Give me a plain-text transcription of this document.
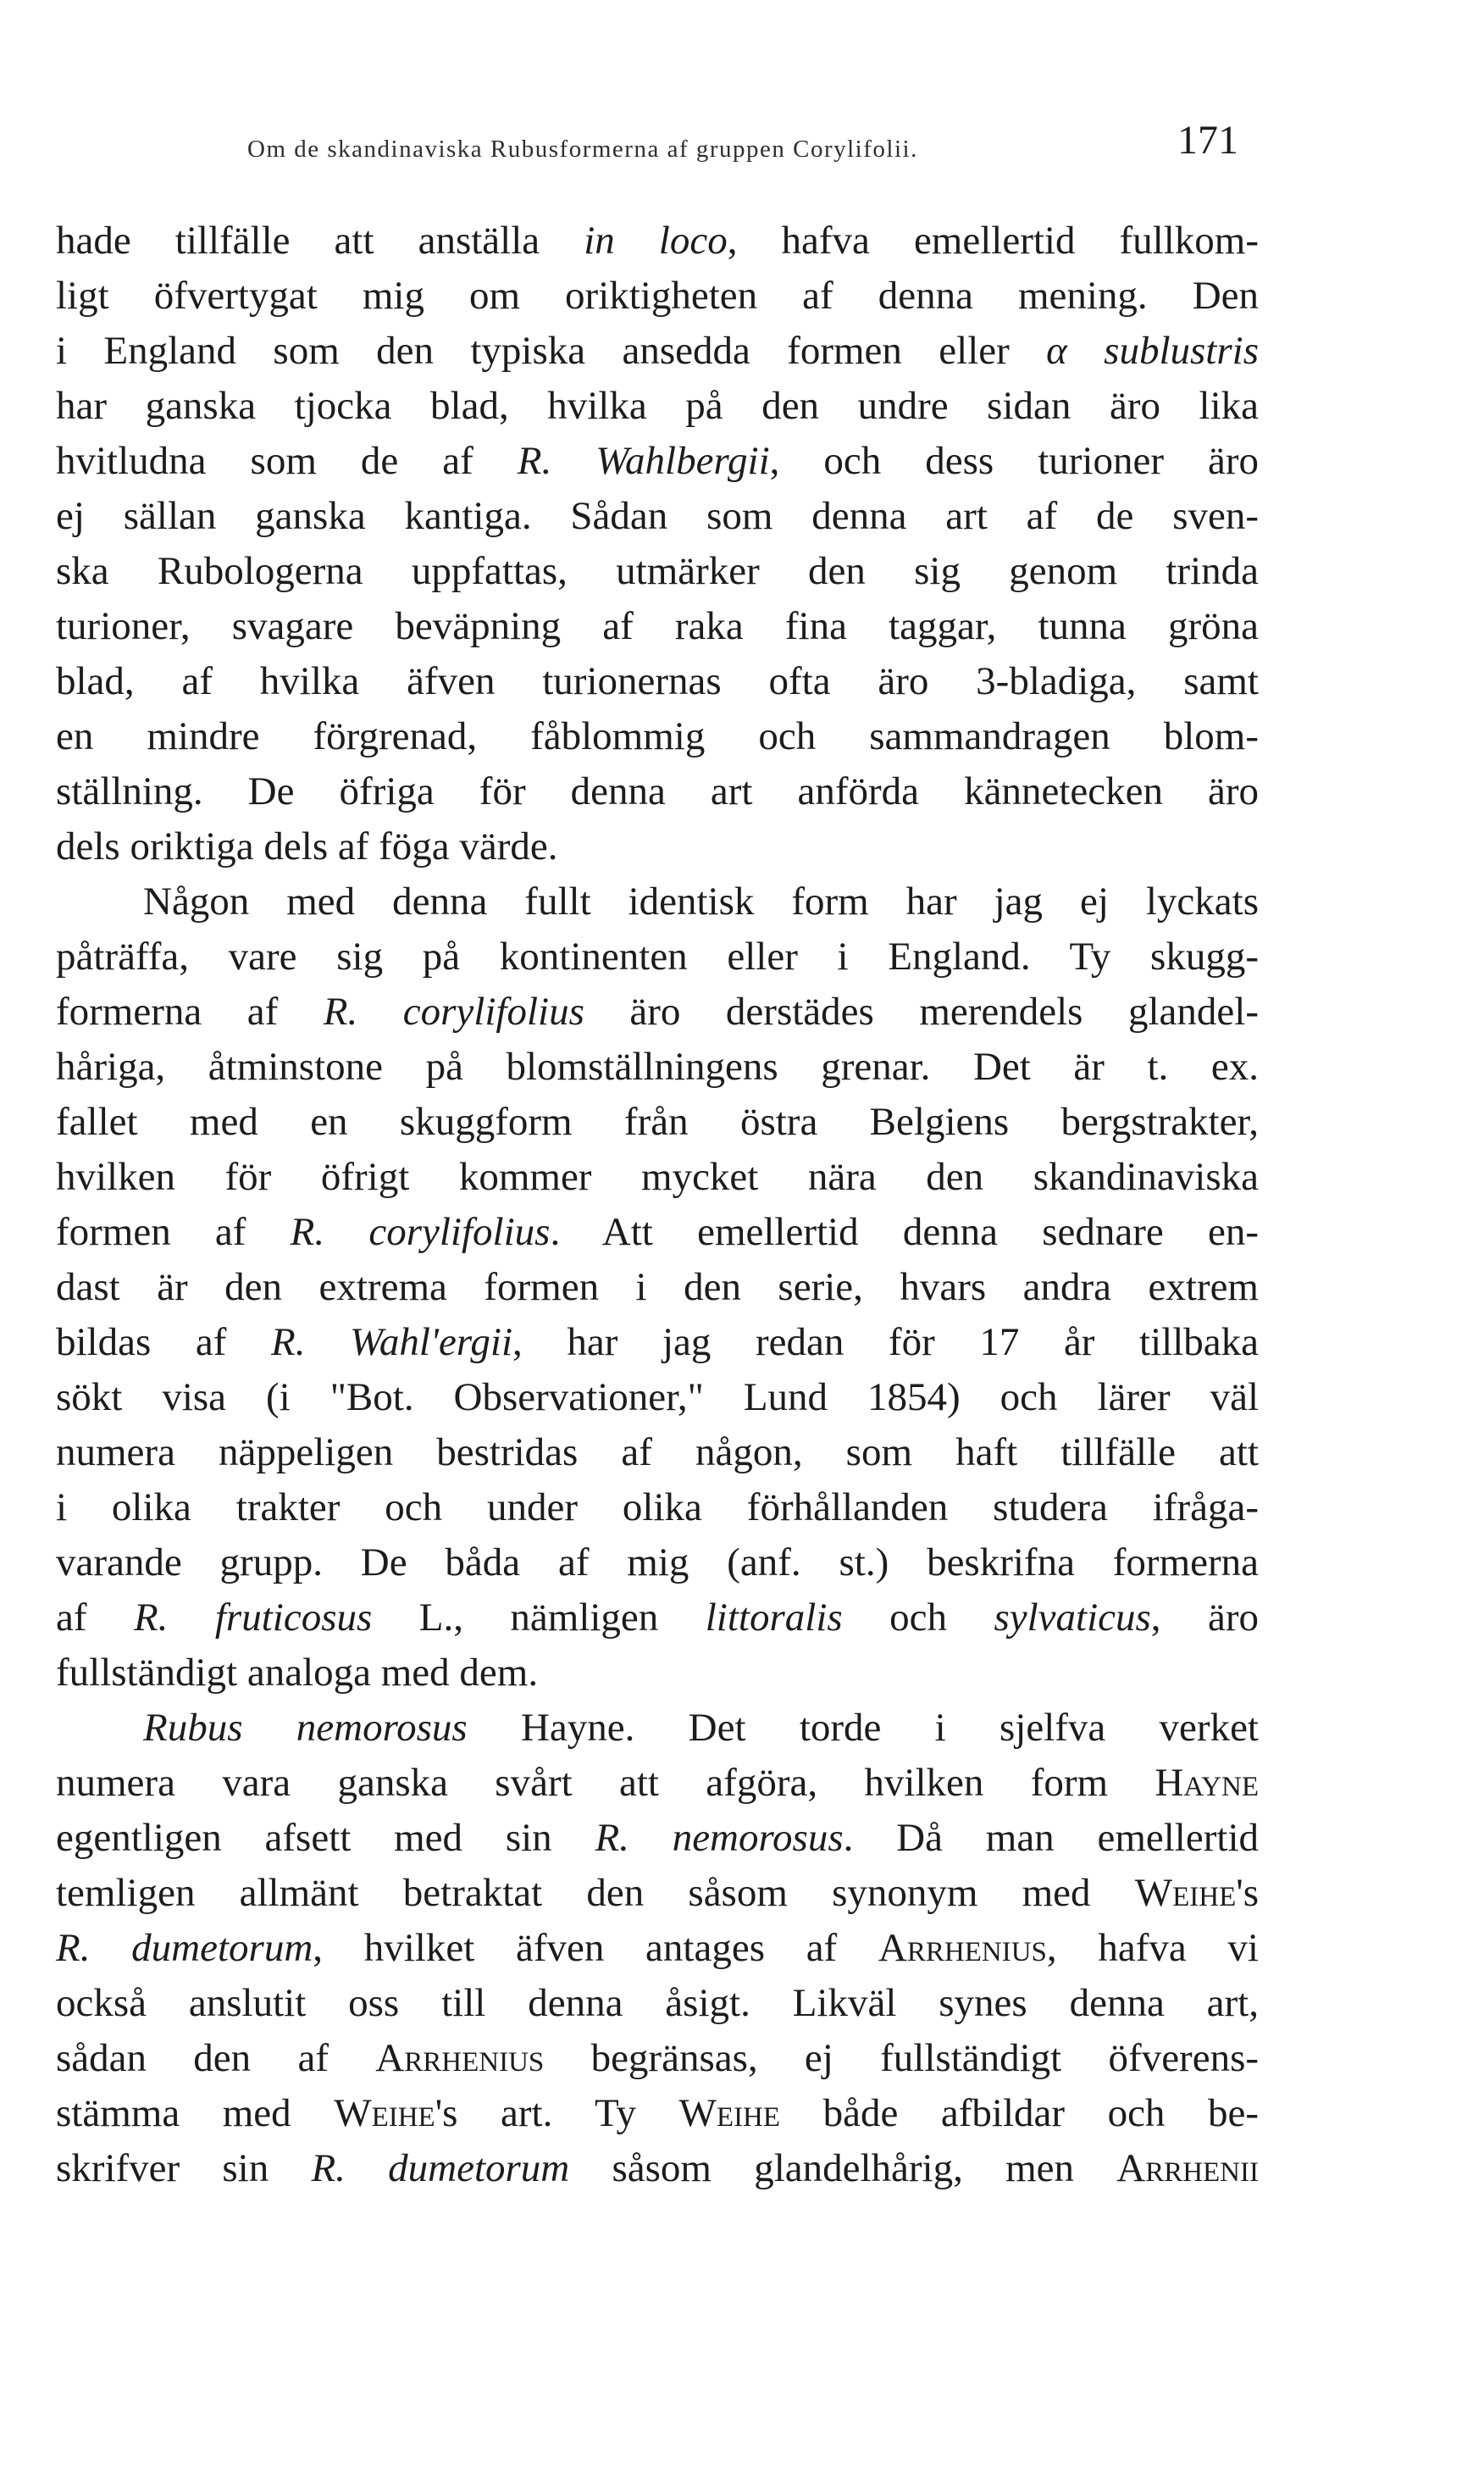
Om de skandinaviska Rubusformerna af gruppen Corylifolii.	171
hade tillfälle att anställa in loco, hafva emellertid fullkom-
ligt öfvertygat mig om oriktigheten af denna mening. Den
i England som den typiska ansedda formen eller α sublustris
har ganska tjocka blad, hvilka på den undre sidan äro lika
hvitludna som de af R. Wahlbergii, och dess turioner äro
ej sällan ganska kantiga. Sådan som denna art af de sven-
ska Rubologerna uppfattas, utmärker den sig genom trinda
turioner, svagare beväpning af raka fina taggar, tunna gröna
blad, af hvilka äfven turionernas ofta äro 3-bladiga, samt
en mindre förgrenad, fåblommig och sammandragen blom-
ställning. De öfriga för denna art anförda kännetecken äro
dels oriktiga dels af föga värde.
Någon med denna fullt identisk form har jag ej lyckats
påträffa, vare sig på kontinenten eller i England. Ty skugg-
formerna af R. corylifolius äro derstädes merendels glandel-
håriga, åtminstone på blomställningens grenar. Det är t. ex.
fallet med en skuggform från östra Belgiens bergstrakter,
hvilken för öfrigt kommer mycket nära den skandinaviska
formen af R. corylifolius. Att emellertid denna sednare en-
dast är den extrema formen i den serie, hvars andra extrem
bildas af R. Wahl'ergii, har jag redan för 17 år tillbaka
sökt visa (i "Bot. Observationer," Lund 1854) och lärer väl
numera näppeligen bestridas af någon, som haft tillfälle att
i olika trakter och under olika förhållanden studera ifråga-
varande grupp. De båda af mig (anf. st.) beskrifna formerna
af R. fruticosus L., nämligen littoralis och sylvaticus, äro
fullständigt analoga med dem.
Rubus nemorosus Hayne. Det torde i sjelfva verket
numera vara ganska svårt att afgöra, hvilken form Hayne
egentligen afsett med sin R. nemorosus. Då man emellertid
temligen allmänt betraktat den såsom synonym med Weihe's
R. dumetorum, hvilket äfven antages af Arrhenius, hafva vi
också anslutit oss till denna åsigt. Likväl synes denna art,
sådan den af Arrhenius begränsas, ej fullständigt öfverens-
stämma med Weihe's art. Ty Weihe både afbildar och be-
skrifver sin R. dumetorum såsom glandelhårig, men Arrhenii
